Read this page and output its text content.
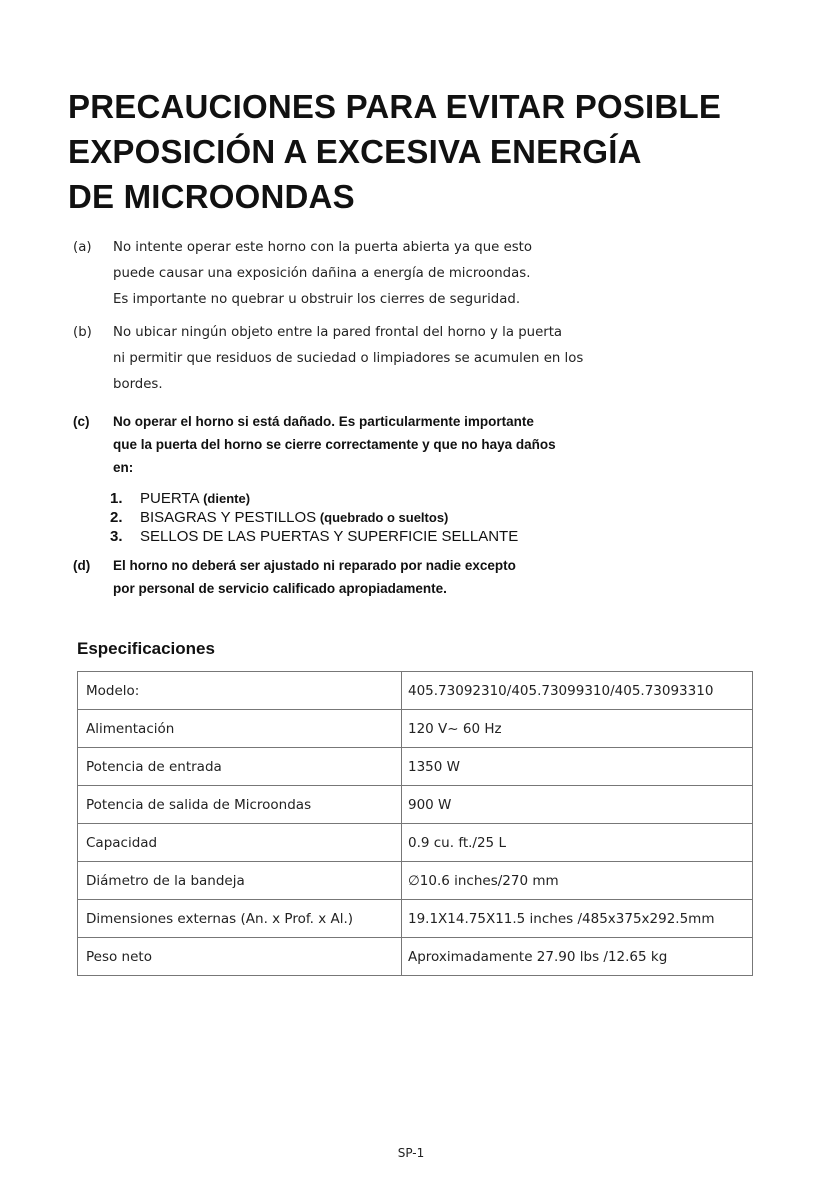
PRECAUCIONES PARA EVITAR POSIBLE
EXPOSICIÓN A EXCESIVA ENERGÍA
DE MICROONDAS
(a) No intente operar este horno con la puerta abierta ya que esto
puede causar una exposición dañina a energía de microondas.
Es importante no quebrar u obstruir los cierres de seguridad.
(b) No ubicar ningún objeto entre la pared frontal del horno y la puerta
ni permitir que residuos de suciedad o limpiadores se acumulen en los
bordes.
(c) No operar el horno si está dañado. Es particularmente importante
que la puerta del horno se cierre correctamente y que no haya daños
en:
1. PUERTA (diente)
2. BISAGRAS Y PESTILLOS (quebrado o sueltos)
3. SELLOS DE LAS PUERTAS Y SUPERFICIE SELLANTE
(d) El horno no deberá ser ajustado ni reparado por nadie excepto
por personal de servicio calificado apropiadamente.
Especificaciones
Modelo:	405.73092310/405.73099310/405.73093310
Alimentación	120 V~ 60 Hz
Potencia de entrada	1350 W
Potencia de salida de Microondas	900 W
Capacidad	0.9 cu. ft./25 L
Diámetro de la bandeja	∅10.6 inches/270 mm
Dimensiones externas (An. x Prof. x Al.)	19.1X14.75X11.5 inches /485x375x292.5mm
Peso neto	Aproximadamente 27.90 lbs /12.65 kg
SP-1
